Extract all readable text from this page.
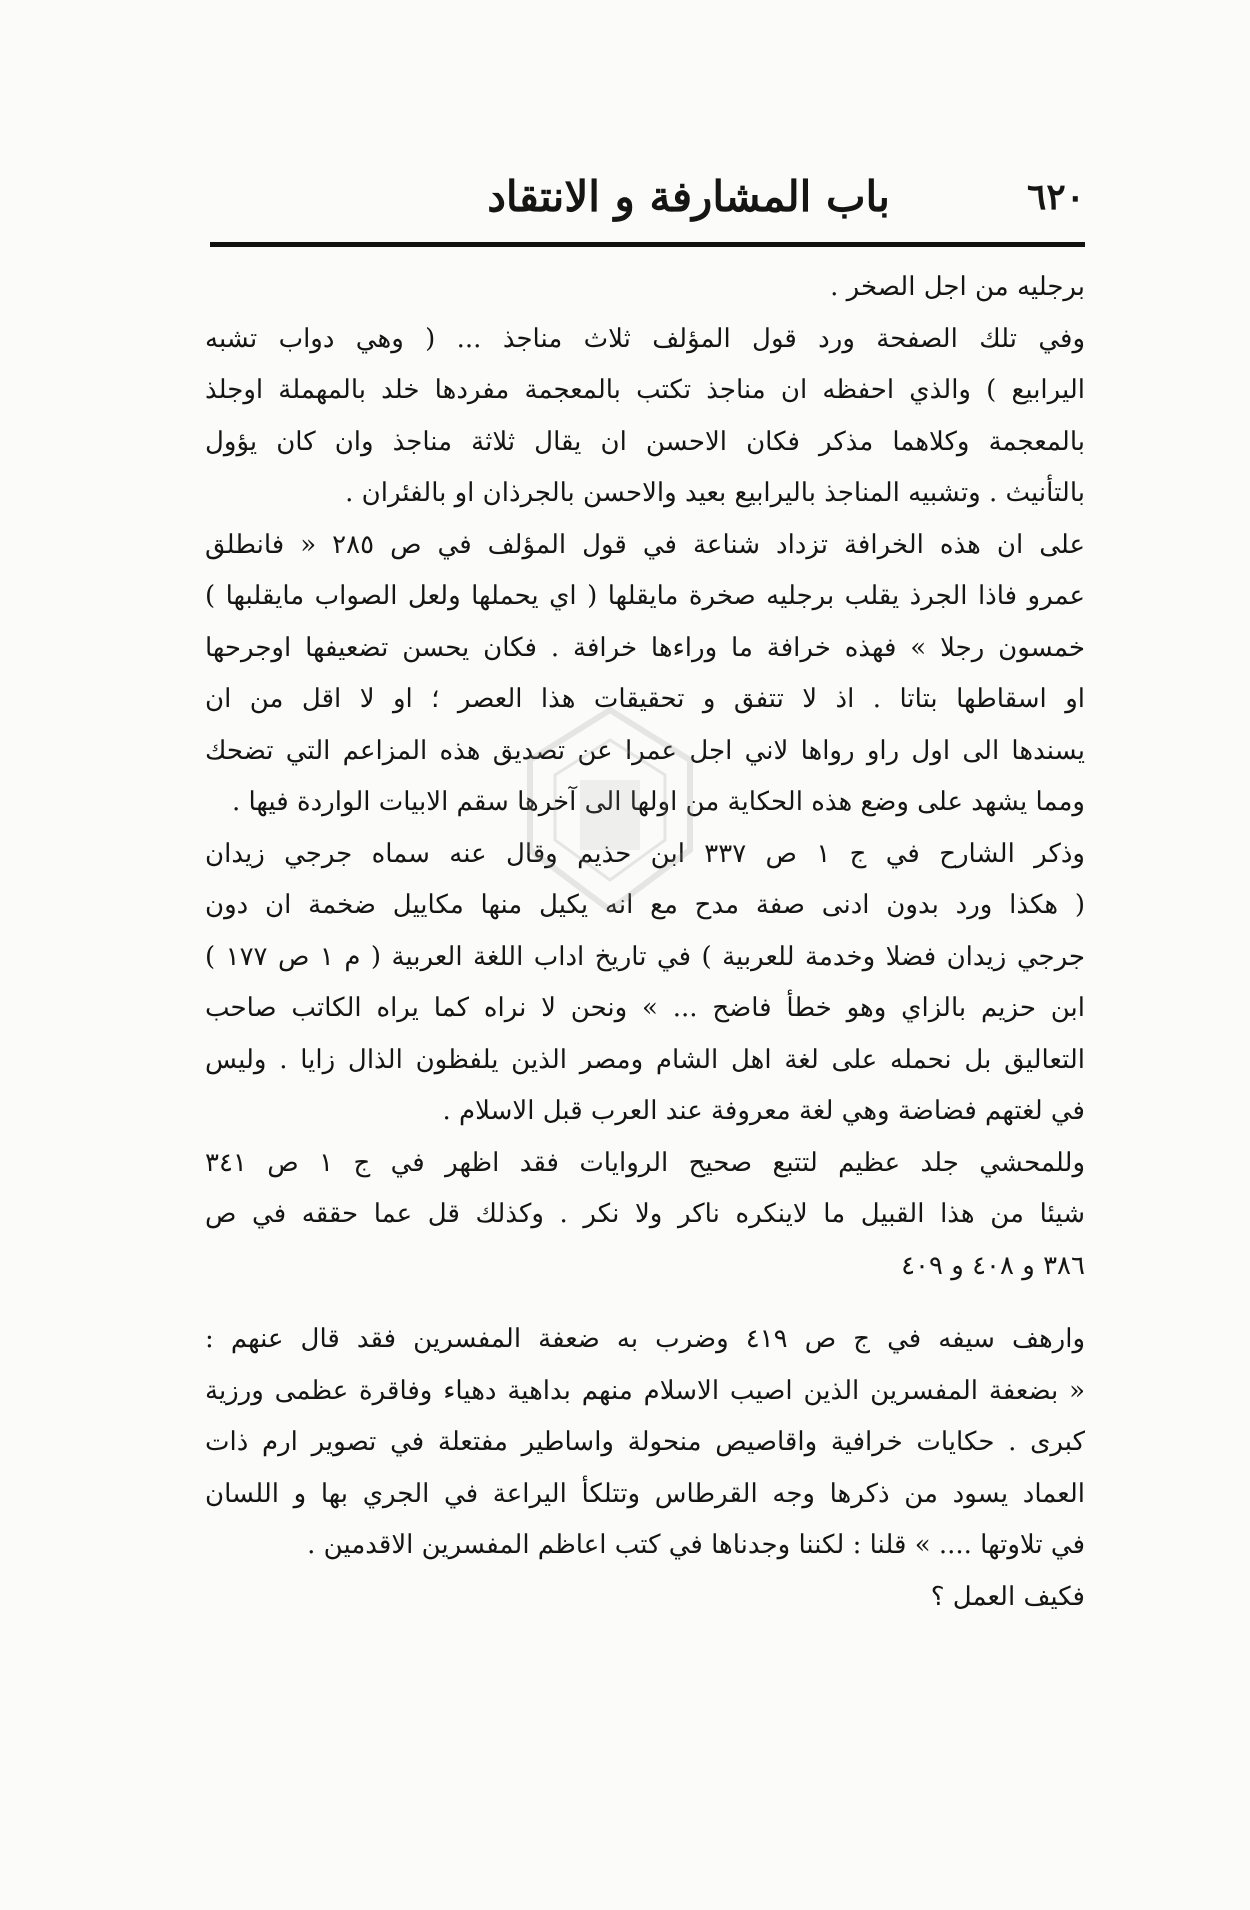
٦٢٠
باب المشارفة و الانتقاد
برجليه من اجل الصخر .
وفي تلك الصفحة ورد قول المؤلف ثلاث مناجذ ... ( وهي دواب تشبه
اليرابيع ) والذي احفظه ان مناجذ تكتب بالمعجمة مفردها خلد بالمهملة اوجلذ
بالمعجمة وكلاهما مذكر فكان الاحسن ان يقال ثلاثة مناجذ وان كان يؤول
بالتأنيث . وتشبيه المناجذ باليرابيع بعيد والاحسن بالجرذان او بالفئران .
على ان هذه الخرافة تزداد شناعة في قول المؤلف في ص ٢٨٥ « فانطلق
عمرو فاذا الجرذ يقلب برجليه صخرة مايقلها ( اي يحملها ولعل الصواب مايقلبها )
خمسون رجلا » فهذه خرافة ما وراءها خرافة . فكان يحسن تضعيفها اوجرحها
او اسقاطها بتاتا . اذ لا تتفق و تحقيقات هذا العصر ؛ او لا اقل من ان
يسندها الى اول راو رواها لاني اجل عمرا عن تصديق هذه المزاعم التي تضحك
ومما يشهد على وضع هذه الحكاية من اولها الى آخرها سقم الابيات الواردة فيها .
وذكر الشارح في ج ١ ص ٣٣٧ ابن حذيم وقال عنه سماه جرجي زيدان
( هكذا ورد بدون ادنى صفة مدح مع انه يكيل منها مكاييل ضخمة ان دون
جرجي زيدان فضلا وخدمة للعربية ) في تاريخ اداب اللغة العربية ( م ١ ص ١٧٧ )
ابن حزيم بالزاي وهو خطأ فاضح ... » ونحن لا نراه كما يراه الكاتب صاحب
التعاليق بل نحمله على لغة اهل الشام ومصر الذين يلفظون الذال زايا . وليس
في لغتهم فضاضة وهي لغة معروفة عند العرب قبل الاسلام .
وللمحشي جلد عظيم لتتبع صحيح الروايات فقد اظهر في ج ١ ص ٣٤١
شيئا من هذا القبيل ما لاينكره ناكر ولا نكر . وكذلك قل عما حققه في ص
٣٨٦ و ٤٠٨ و ٤٠٩
وارهف سيفه في ج ص ٤١٩ وضرب به ضعفة المفسرين فقد قال عنهم :
« بضعفة المفسرين الذين اصيب الاسلام منهم بداهية دهياء وفاقرة عظمى ورزية
كبرى . حكايات خرافية واقاصيص منحولة واساطير مفتعلة في تصوير ارم ذات
العماد يسود من ذكرها وجه القرطاس وتتلكأ اليراعة في الجري بها و اللسان
في تلاوتها .... » قلنا : لكننا وجدناها في كتب اعاظم المفسرين الاقدمين .
فكيف العمل ؟
